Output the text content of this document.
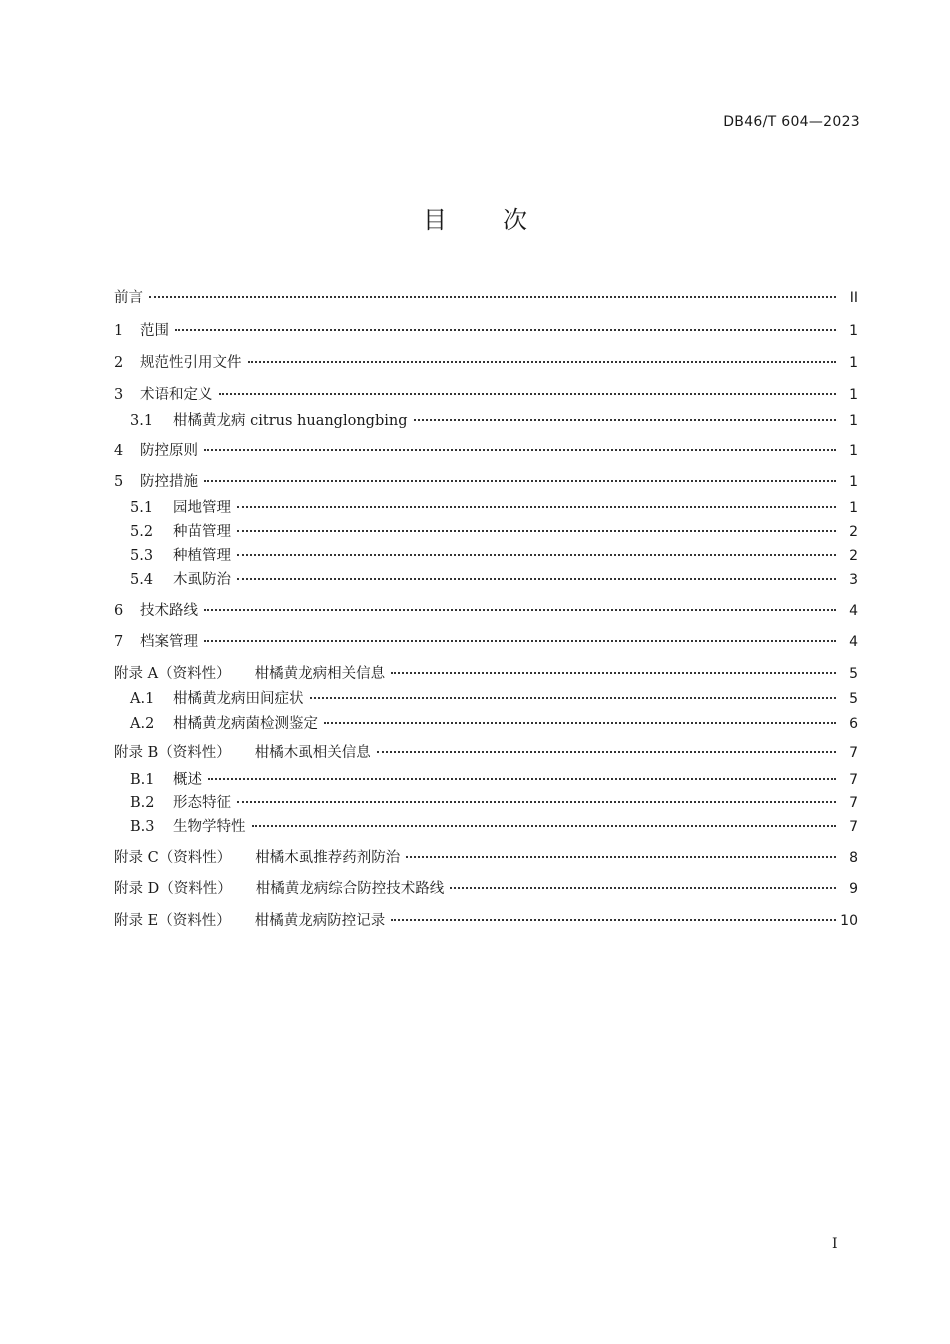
DB46/T 604—2023
目 次
前言	II
1	范围	1
2	规范性引用文件	1
3	术语和定义	1
3.1	柑橘黄龙病 citrus huanglongbing	1
4	防控原则	1
5	防控措施	1
5.1	园地管理	1
5.2	种苗管理	2
5.3	种植管理	2
5.4	木虱防治	3
6	技术路线	4
7	档案管理	4
附录 A（资料性） 柑橘黄龙病相关信息	5
A.1	柑橘黄龙病田间症状	5
A.2	柑橘黄龙病菌检测鉴定	6
附录 B（资料性） 柑橘木虱相关信息	7
B.1	概述	7
B.2	形态特征	7
B.3	生物学特性	7
附录 C（资料性） 柑橘木虱推荐药剂防治	8
附录 D（资料性） 柑橘黄龙病综合防控技术路线	9
附录 E（资料性） 柑橘黄龙病防控记录	10
I
